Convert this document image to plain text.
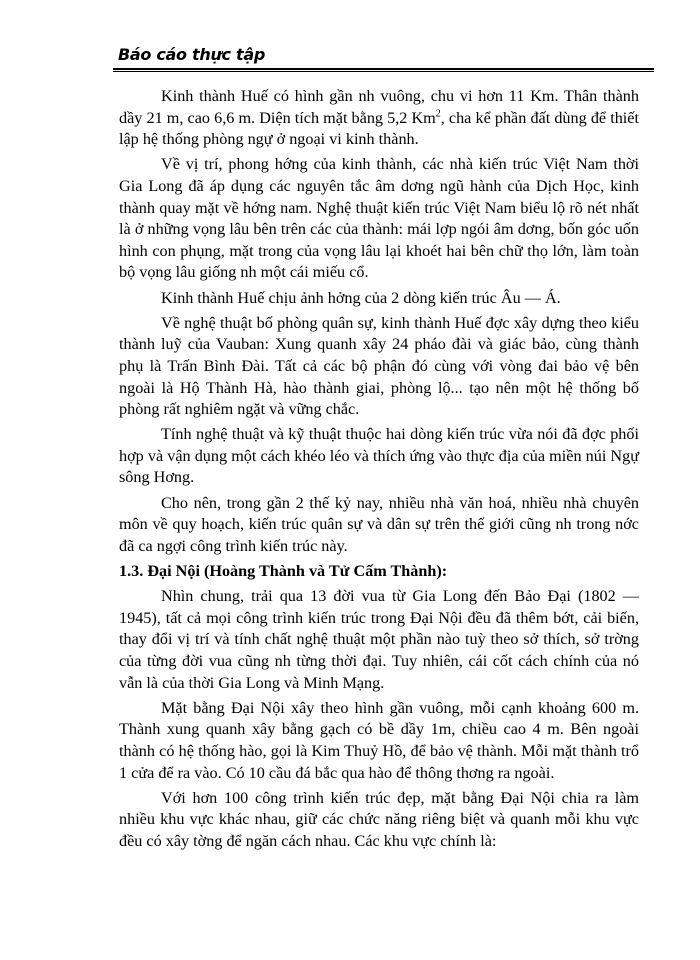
Báo cáo thực tập

Kinh thành Huế có hình gần nh vuông, chu vi hơn 11 Km. Thân thành dầy 21 m, cao 6,6 m. Diện tích mặt bằng 5,2 Km$^2$, cha kể phần đất dùng để thiết lập hệ thống phòng ngự ở ngoại vi kinh thành.

Về vị trí, phong hớng của kinh thành, các nhà kiến trúc Việt Nam thời Gia Long đã áp dụng các nguyên tắc âm dơng ngũ hành của Dịch Học, kinh thành quay mặt về hớng nam. Nghệ thuật kiến trúc Việt Nam biểu lộ rõ nét nhất là ở những vọng lâu bên trên các của thành: mái lợp ngói âm dơng, bốn góc uốn hình con phụng, mặt trong của vọng lâu lại khoét hai bên chữ thọ lớn, làm toàn bộ vọng lâu giống nh một cái miếu cổ.

Kinh thành Huế chịu ảnh hởng của 2 dòng kiến trúc Âu — Á.

Về nghệ thuật bố phòng quân sự, kinh thành Huế đợc xây dựng theo kiểu thành luỹ của Vauban: Xung quanh xây 24 pháo đài và giác bảo, cùng thành phụ là Trấn Bình Đài. Tất cả các bộ phận đó cùng với vòng đai bảo vệ bên ngoài là Hộ Thành Hà, hào thành giai, phòng lộ... tạo nên một hệ thống bố phòng rất nghiêm ngặt và vững chắc.

Tính nghệ thuật và kỹ thuật thuộc hai dòng kiến trúc vừa nói đã đợc phối hợp và vận dụng một cách khéo léo và thích ứng vào thực địa của miền núi Ngự sông Hơng.

Cho nên, trong gần 2 thế kỷ nay, nhiều nhà văn hoá, nhiều nhà chuyên môn về quy hoạch, kiến trúc quân sự và dân sự trên thế giới cũng nh trong nớc đã ca ngợi công trình kiến trúc này.

1.3. Đại Nội (Hoàng Thành và Tử Cấm Thành):

Nhìn chung, trải qua 13 đời vua từ Gia Long đến Bảo Đại (1802 — 1945), tất cả mọi công trình kiến trúc trong Đại Nội đều đã thêm bớt, cải biến, thay đổi vị trí và tính chất nghệ thuật một phần nào tuỳ theo sở thích, sở trờng của từng đời vua cũng nh từng thời đại. Tuy nhiên, cái cốt cách chính của nó vẫn là của thời Gia Long và Minh Mạng.

Mặt bằng Đại Nội xây theo hình gần vuông, mỗi cạnh khoảng 600 m. Thành xung quanh xây bằng gạch có bề dầy 1m, chiều cao 4 m. Bên ngoài thành có hệ thống hào, gọi là Kim Thuỷ Hồ, để bảo vệ thành. Mỗi mặt thành trổ 1 cửa để ra vào. Có 10 cầu đá bắc qua hào để thông thơng ra ngoài.

Với hơn 100 công trình kiến trúc đẹp, mặt bằng Đại Nội chia ra làm nhiều khu vực khác nhau, giữ các chức năng riêng biệt và quanh mỗi khu vực đều có xây tờng để ngăn cách nhau. Các khu vực chính là:
